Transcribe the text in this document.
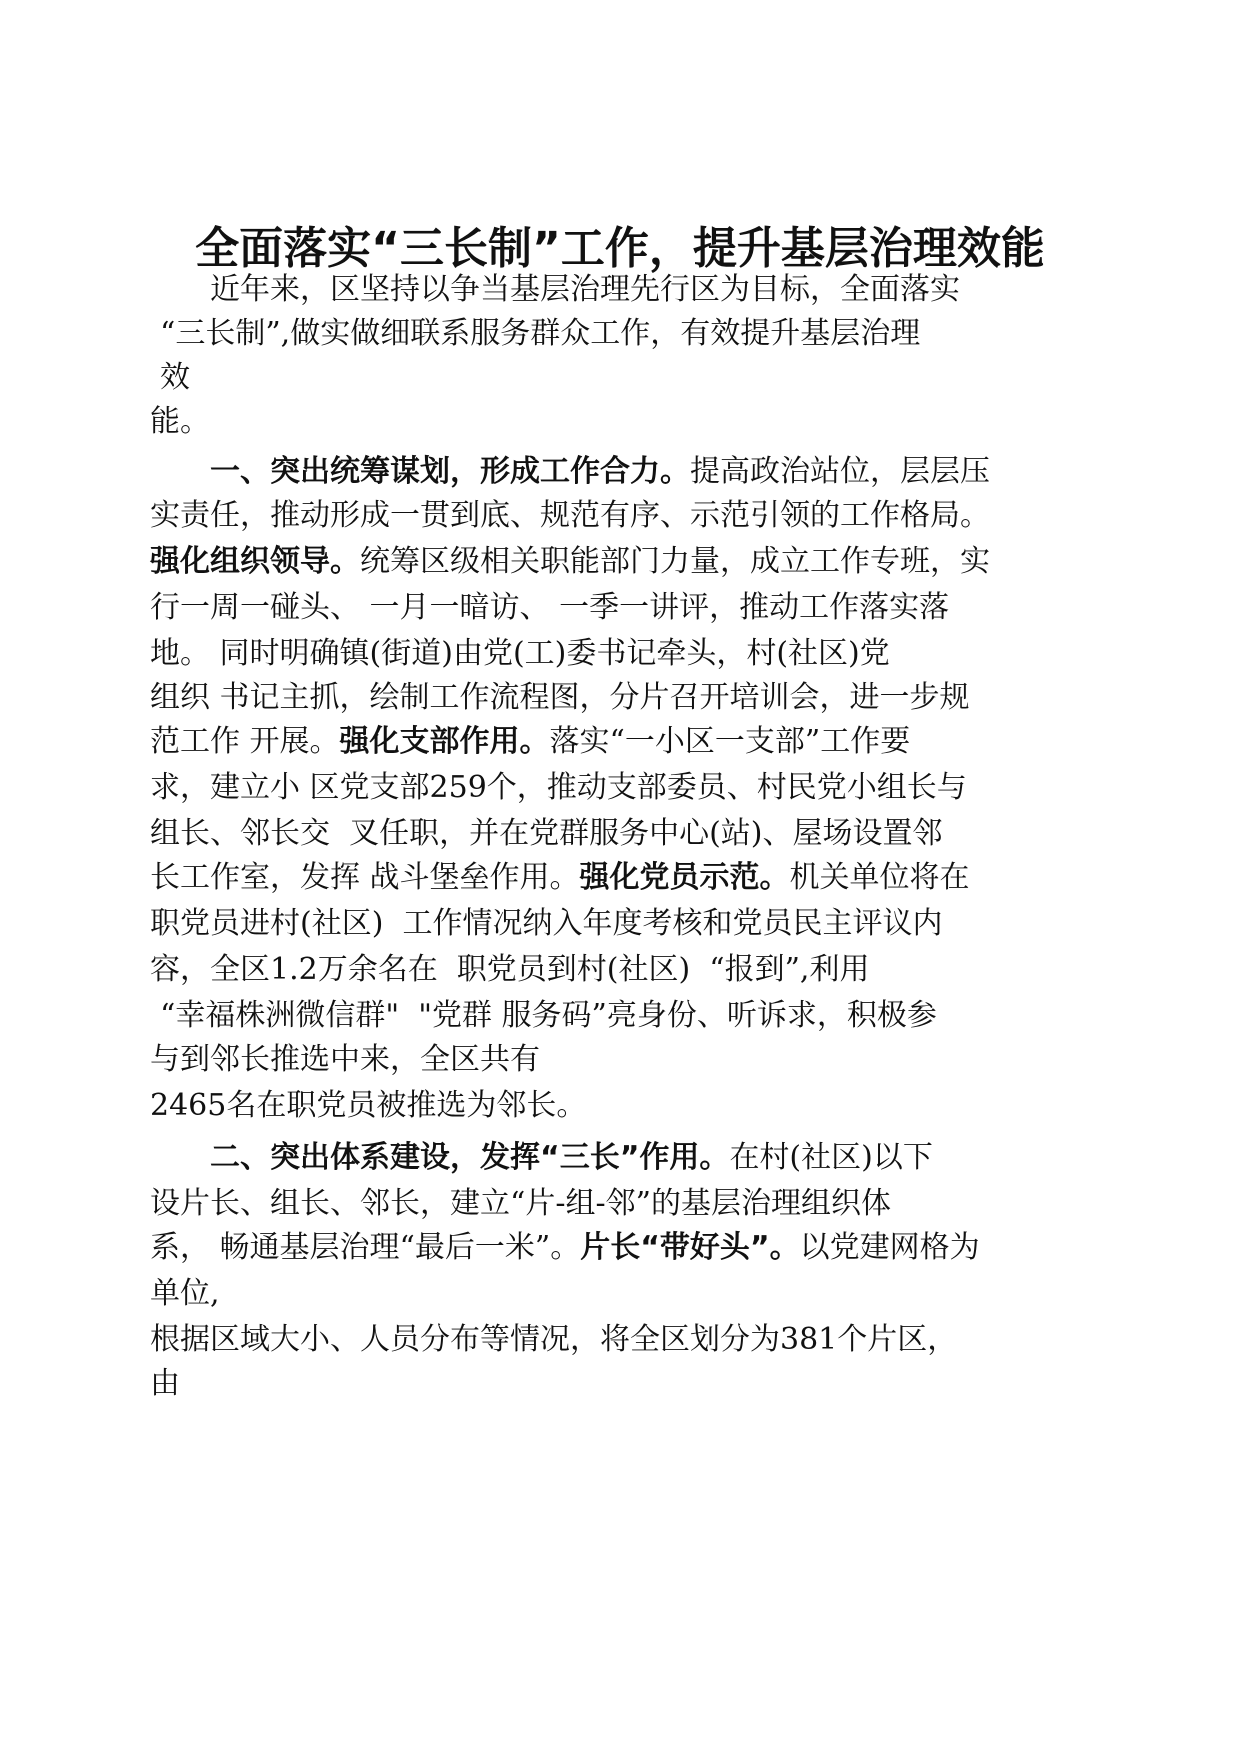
全面落实“三长制”工作，提升基层治理效能
近年来，区坚持以争当基层治理先行区为目标，全面落实
“三长制”,做实做细联系服务群众工作，有效提升基层治理
效
能。
一、突出统筹谋划，形成工作合力。提高政治站位，层层压
实责任，推动形成一贯到底、规范有序、示范引领的工作格局。
强化组织领导。统筹区级相关职能部门力量，成立工作专班，实
行一周一碰头、 一月一暗访、 一季一讲评，推动工作落实落
地。 同时明确镇(街道)由党(工)委书记牵头，村(社区)党
组织 书记主抓，绘制工作流程图，分片召开培训会，进一步规
范工作 开展。强化支部作用。落实“一小区一支部”工作要
求，建立小 区党支部259个，推动支部委员、村民党小组长与
组长、邻长交  叉任职，并在党群服务中心(站)、屋场设置邻
长工作室，发挥 战斗堡垒作用。强化党员示范。机关单位将在
职党员进村(社区)  工作情况纳入年度考核和党员民主评议内
容，全区1.2万余名在  职党员到村(社区)  “报到”,利用
“幸福株洲微信群"  "党群 服务码”亮身份、听诉求，积极参
与到邻长推选中来，全区共有
2465名在职党员被推选为邻长。
二、突出体系建设，发挥“三长”作用。在村(社区)以下
设片长、组长、邻长，建立“片-组-邻”的基层治理组织体
系， 畅通基层治理“最后一米”。片长“带好头”。以党建网格为
单位,
根据区域大小、人员分布等情况，将全区划分为381个片区，
由
